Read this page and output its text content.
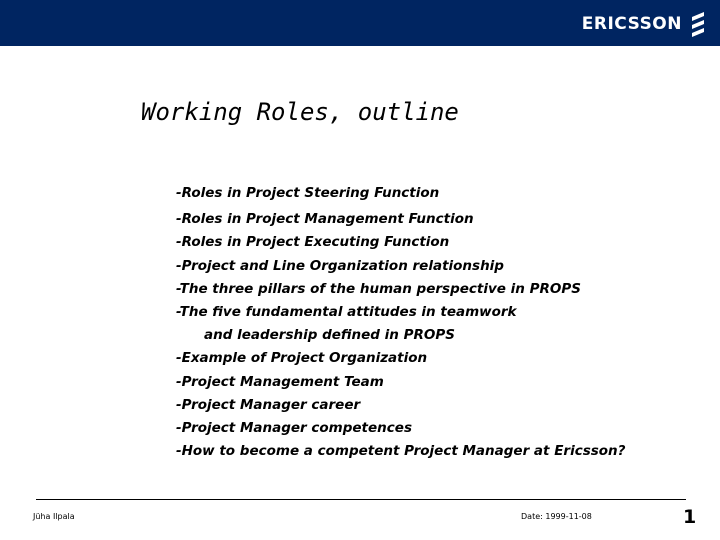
ERICSSON
Working Roles, outline
-Roles in Project Steering Function
-Roles in Project Management Function
-Roles in Project Executing Function
-Project and Line Organization relationship
-The three pillars of the human perspective in PROPS
-The five fundamental attitudes in teamwork
and leadership defined in PROPS
-Example of Project Organization
-Project Management Team
-Project Manager career
-Project Manager competences
-How to become a competent Project Manager at Ericsson?
Jüha Ilpala	Date: 1999-11-08	1
